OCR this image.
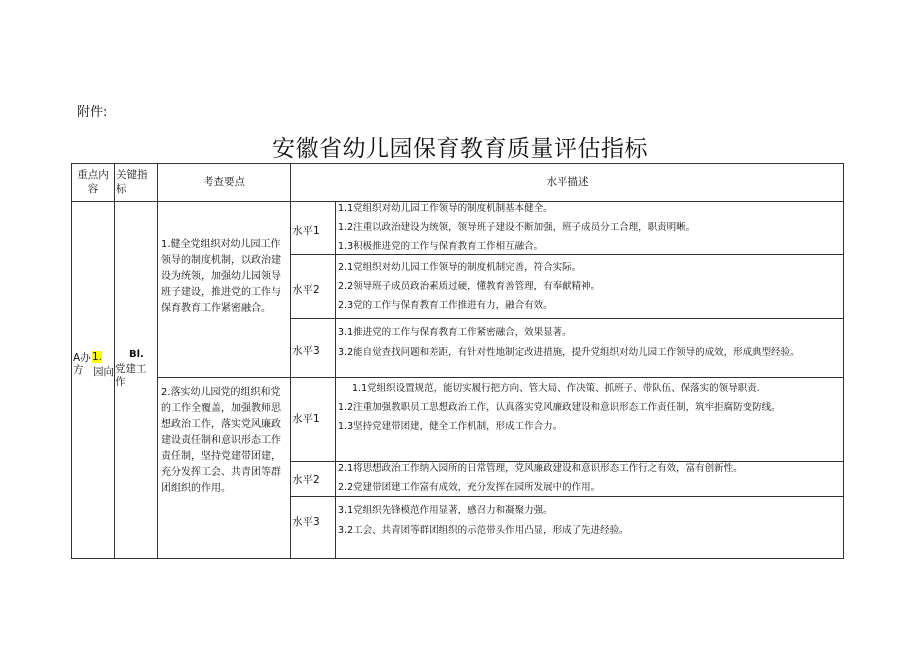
附件:
安徽省幼儿园保育教育质量评估指标
重点内容
关键指标
考查要点	水平描述
1.
园向
A办方
Bl.
党建工作
1.健全党组织对幼儿园工作领导的制度机制，以政治建设为统领，加强幼儿园领导班子建设，推进党的工作与保育教育工作紧密融合。
2.落实幼儿园党的组织和党的工作全覆盖，加强教师思想政治工作，落实党风廉政建设责任制和意识形态工作责任制，坚持党建带团建，充分发挥工会、共青团等群团组织的作用。
水平1
水平2
水平3
水平1
水平2
水平3
1.1党组织对幼儿园工作领导的制度机制基本健全。
1.2注重以政治建设为统领，领导班子建设不断加强，班子成员分工合理，职责明晰。
1.3积极推进党的工作与保育教育工作相互融合。
2.1党组织对幼儿园工作领导的制度机制完善，符合实际。
2.2领导班子成员政治素质过硬，懂教育善管理，有奉献精神。
2.3党的工作与保育教育工作推进有力，融合有效。
3.1推进党的工作与保育教育工作紧密融合，效果显著。
3.2能自觉查找问题和差距，有针对性地制定改进措施，提升党组织对幼儿园工作领导的成效，形成典型经验。
1.1党组织设置规范，能切实履行把方向、管大局、作决策、抓班子、带队伍、保落实的领导职责.
1.2注重加强教职员工思想政治工作，认真落实党风廉政建设和意识形态工作责任制，筑牢拒腐防变防线。
1.3坚持党建带团建，健全工作机制，形成工作合力。
2.1将思想政治工作纳入园所的日常管理，党风廉政建设和意识形态工作行之有效，富有创新性。
2.2党建带团建工作富有成效，充分发挥在园所发展中的作用。
3.1党组织先锋模范作用显著，感召力和凝聚力强。
3.2工会、共青团等群团组织的示范带头作用凸显，形成了先进经验。
